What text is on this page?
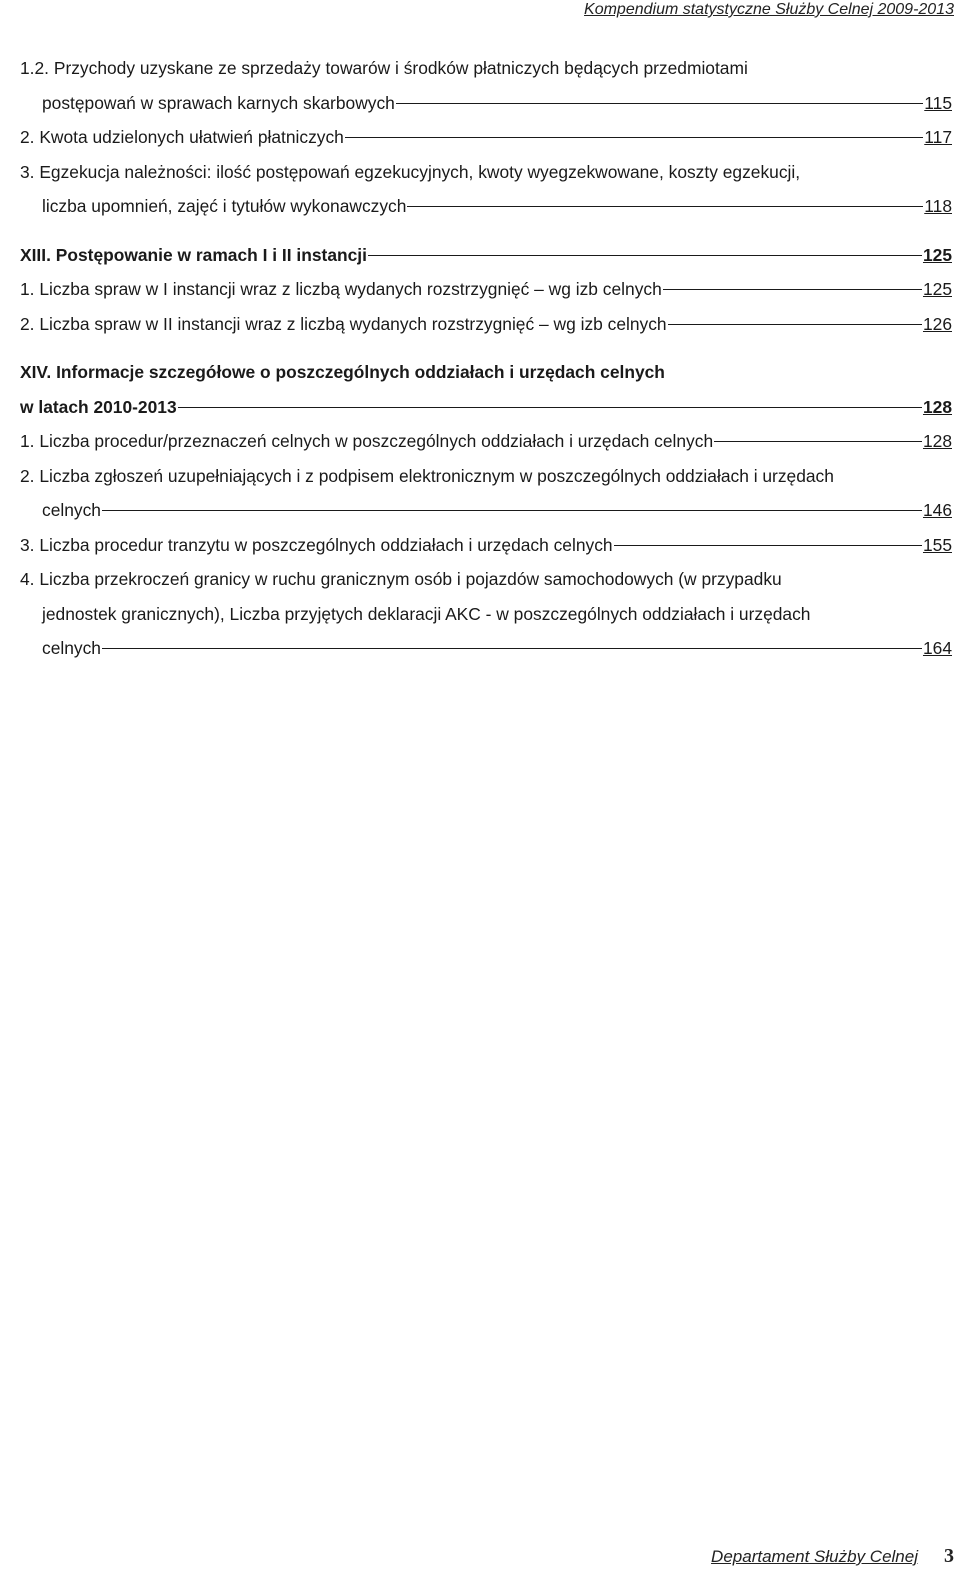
Kompendium statystyczne Służby Celnej 2009-2013
1.2. Przychody uzyskane ze sprzedaży towarów i środków płatniczych będących przedmiotami
postępowań w sprawach karnych skarbowych	115
2. Kwota udzielonych ułatwień płatniczych	117
3. Egzekucja należności: ilość postępowań egzekucyjnych, kwoty wyegzekwowane, koszty egzekucji,
liczba upomnień, zajęć i tytułów wykonawczych	118
XIII. Postępowanie w ramach I i II instancji	125
1. Liczba spraw w I instancji wraz z liczbą wydanych rozstrzygnięć – wg izb celnych	125
2. Liczba spraw w II instancji wraz z liczbą wydanych rozstrzygnięć – wg izb celnych	126
XIV. Informacje szczegółowe o poszczególnych oddziałach i urzędach celnych
w latach 2010-2013	128
1. Liczba procedur/przeznaczeń celnych w poszczególnych oddziałach i urzędach celnych	128
2. Liczba zgłoszeń uzupełniających i z podpisem elektronicznym w poszczególnych oddziałach i urzędach
celnych	146
3. Liczba procedur tranzytu w poszczególnych oddziałach i urzędach celnych	155
4. Liczba przekroczeń granicy w ruchu granicznym osób i pojazdów samochodowych (w przypadku
jednostek granicznych), Liczba przyjętych deklaracji AKC - w poszczególnych oddziałach i urzędach
celnych	164
Departament Służby Celnej 3
